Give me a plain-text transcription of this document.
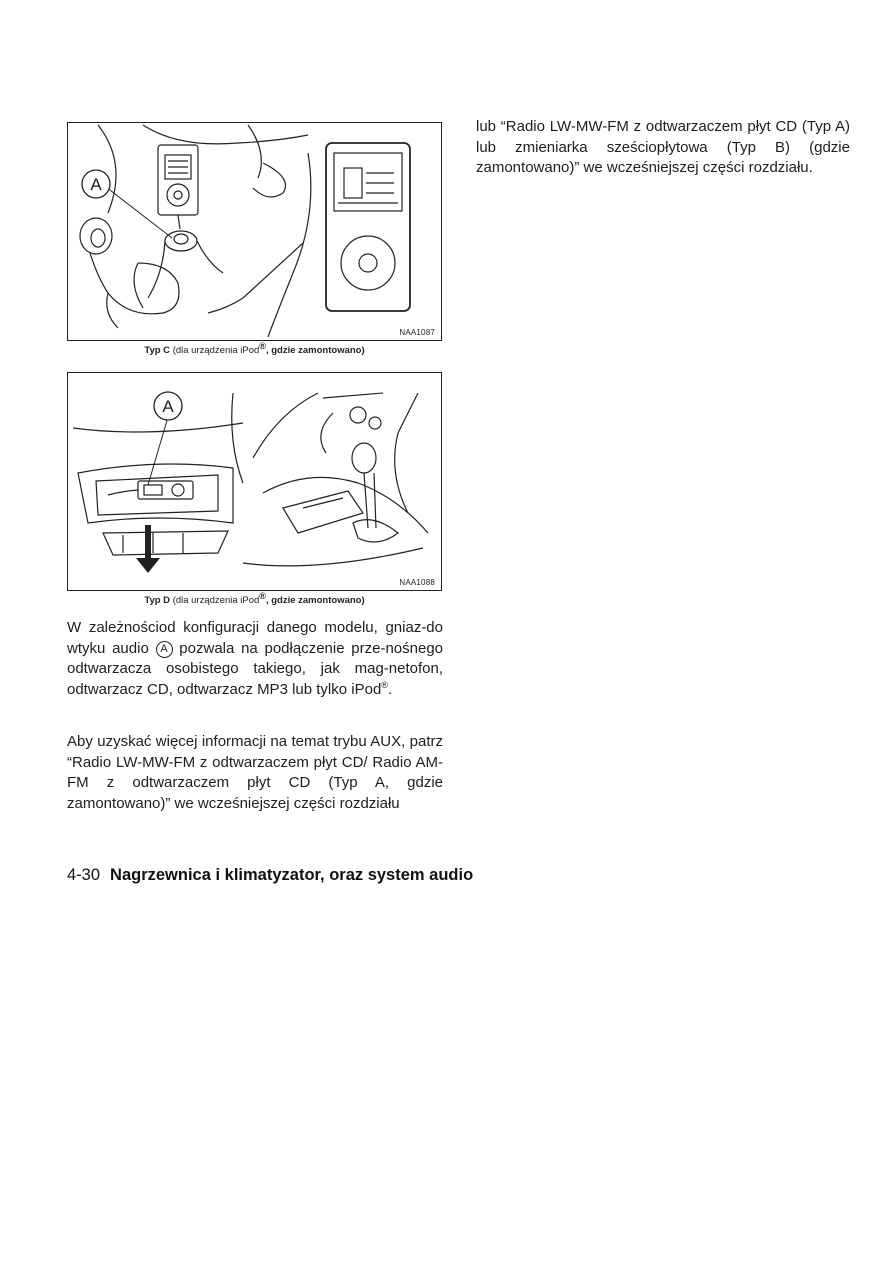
A
NAA1087
Typ C (dla urządzenia iPod®, gdzie zamontowano)
A
NAA1088
Typ D (dla urządzenia iPod®, gdzie zamontowano)

W zależnościod konfiguracji danego modelu, gniaz-do wtyku audio A pozwala na podłączenie prze-nośnego odtwarzacza osobistego takiego, jak mag-netofon, odtwarzacz CD, odtwarzacz MP3 lub tylko iPod®.

Aby uzyskać więcej informacji na temat trybu AUX, patrz “Radio LW-MW-FM z odtwarzaczem płyt CD/ Radio AM-FM z odtwarzaczem płyt CD (Typ A, gdzie zamontowano)” we wcześniejszej części rozdziału

lub “Radio LW-MW-FM z odtwarzaczem płyt CD (Typ A) lub zmieniarka sześciopłytowa (Typ B) (gdzie zamontowano)” we wcześniejszej części rozdziału.

4-30 Nagrzewnica i klimatyzator, oraz system audio
